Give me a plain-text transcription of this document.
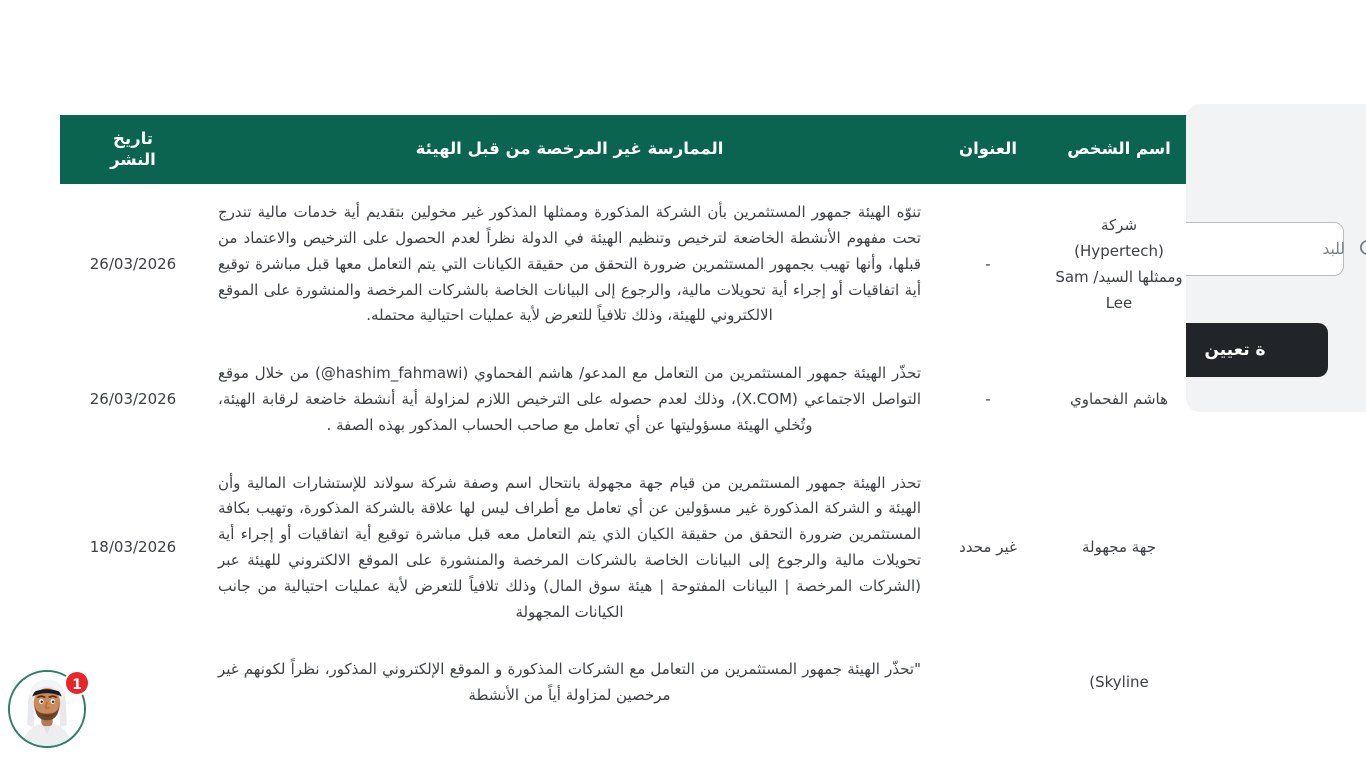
اسم الشخص	العنوان	الممارسة غير المرخصة من قبل الهيئة	تاريخ
النشر
شركة (Hypertech) وممثلها السيد/ Sam Lee	-	تنوّه الهيئة جمهور المستثمرين بأن الشركة المذكورة وممثلها المذكور غير مخولين بتقديم أية خدمات مالية تندرج تحت مفهوم الأنشطة الخاضعة لترخيص وتنظيم الهيئة في الدولة نظراً لعدم الحصول على الترخيص والاعتماد من قبلها، وأنها تهيب بجمهور المستثمرين ضرورة التحقق من حقيقة الكيانات التي يتم التعامل معها قبل مباشرة توقيع أية اتفاقيات أو إجراء أية تحويلات مالية، والرجوع إلى البيانات الخاصة بالشركات المرخصة والمنشورة على الموقع الالكتروني للهيئة، وذلك تلافياً للتعرض لأية عمليات احتيالية محتمله.	26/03/2026
هاشم الفحماوي	-	تحذّر الهيئة جمهور المستثمرين من التعامل مع المدعو/ هاشم الفحماوي (hashim_fahmawi@) من خلال موقع التواصل الاجتماعي (X.COM)، وذلك لعدم حصوله على الترخيص اللازم لمزاولة أية أنشطة خاضعة لرقابة الهيئة، وتُخلي الهيئة مسؤوليتها عن أي تعامل مع صاحب الحساب المذكور بهذه الصفة .	26/03/2026
جهة مجهولة	غير محدد	تحذر الهيئة جمهور المستثمرين من قيام جهة مجهولة بانتحال اسم وصفة شركة سولاند للإستشارات المالية وأن الهيئة و الشركة المذكورة غير مسؤولين عن أي تعامل مع أطراف ليس لها علاقة بالشركة المذكورة، وتهيب بكافة المستثمرين ضرورة التحقق من حقيقة الكيان الذي يتم التعامل معه قبل مباشرة توقيع أية اتفاقيات أو إجراء أية تحويلات مالية والرجوع إلى البيانات الخاصة بالشركات المرخصة والمنشورة على الموقع الالكتروني للهيئة عبر (الشركات المرخصة | البيانات المفتوحة | هيئة سوق المال) وذلك تلافياً للتعرض لأية عمليات احتيالية من جانب الكيانات المجهولة	18/03/2026
Skyline)		"تحذّر الهيئة جمهور المستثمرين من التعامل مع الشركات المذكورة و الموقع الإلكتروني المذكور، نظراً لكونهم غير مرخصين لمزاولة أياً من الأنشطة	
للبد
ة تعيين
1
